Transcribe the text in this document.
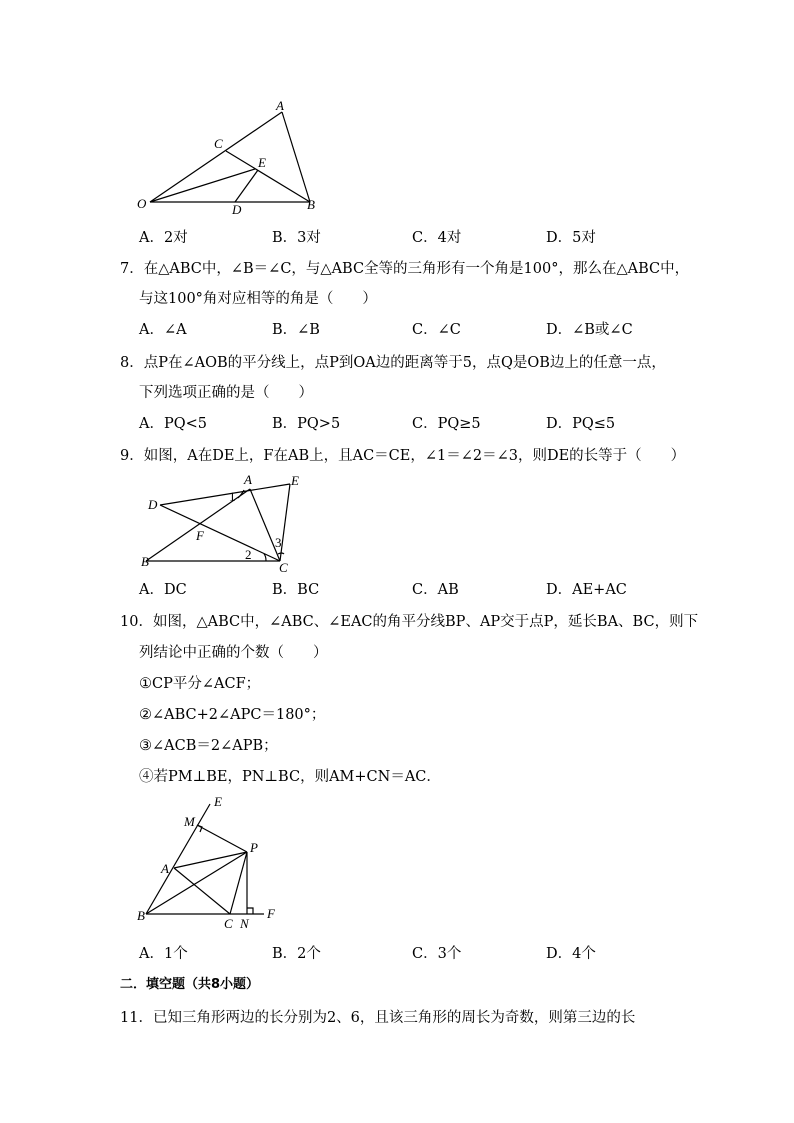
A
C
E
O	D	B
A．2对	B．3对	C．4对	D．5对
7．在△ABC中，∠B＝∠C，与△ABC全等的三角形有一个角是100°，那么在△ABC中，
与这100°角对应相等的角是（　　）
A．∠A	B．∠B	C．∠C	D．∠B或∠C
8．点P在∠AOB的平分线上，点P到OA边的距离等于5，点Q是OB边上的任意一点，
下列选项正确的是（　　）
A．PQ<5	B．PQ>5	C．PQ≥5	D．PQ≤5
9．如图，A在DE上，F在AB上，且AC＝CE，∠1＝∠2＝∠3，则DE的长等于（　　）
D
A	E
F
B	C
1
2
3
A．DC	B．BC	C．AB	D．AE+AC
10．如图，△ABC中，∠ABC、∠EAC的角平分线BP、AP交于点P，延长BA、BC，则下
列结论中正确的个数（　　）
①CP平分∠ACF；
②∠ABC+2∠APC＝180°；
③∠ACB＝2∠APB；
④若PM⊥BE，PN⊥BC，则AM+CN＝AC．
E
M
P
A
B
C N
F
A．1个	B．2个	C．3个	D．4个
二．填空题（共8小题）
11．已知三角形两边的长分别为2、6，且该三角形的周长为奇数，则第三边的长
